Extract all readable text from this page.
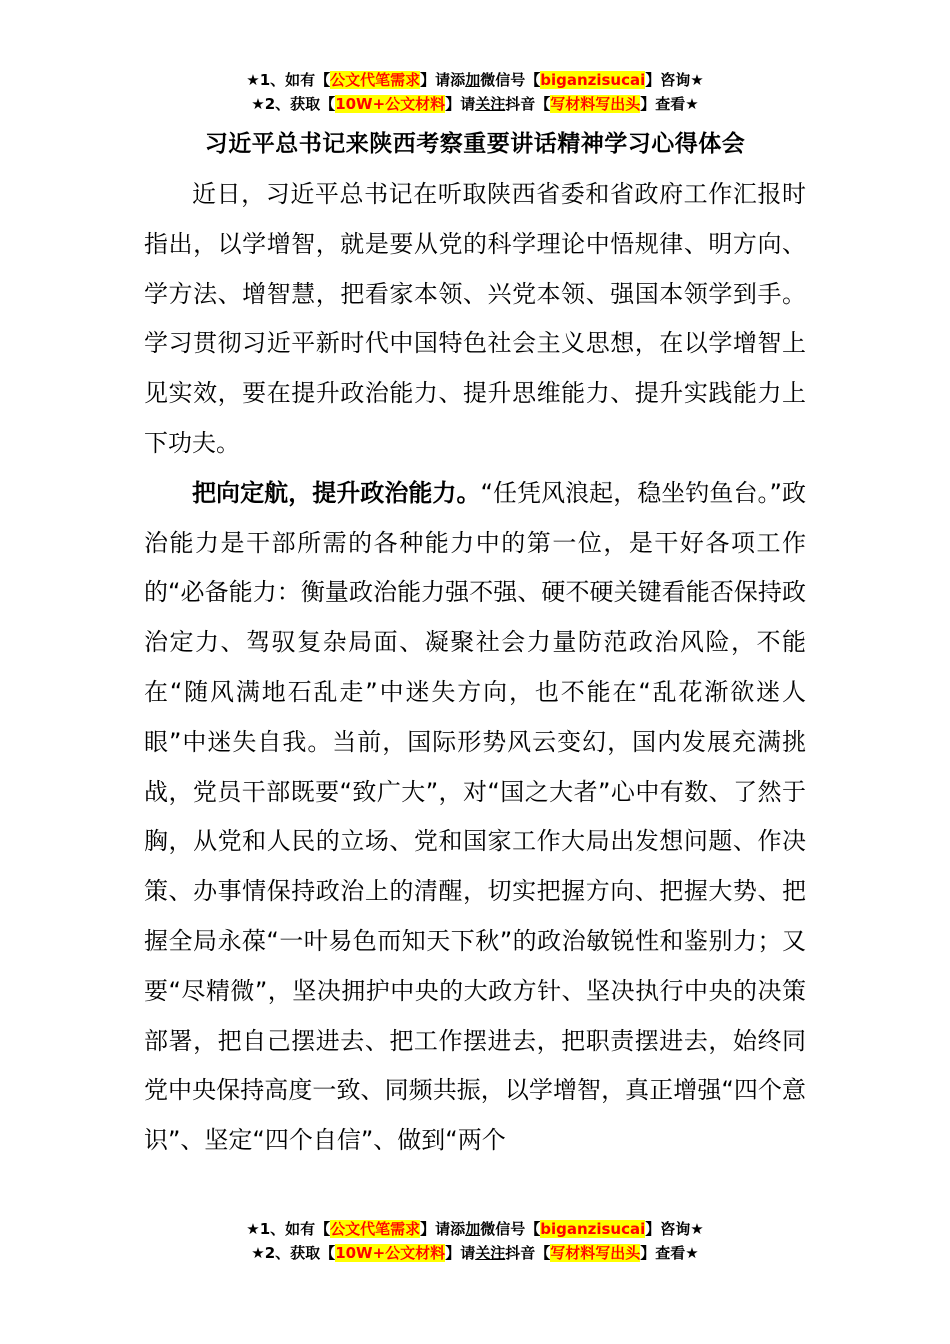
★1、如有【公文代笔需求】请添加微信号【biganzisucai】咨询★
★2、获取【10W+公文材料】请关注抖音【写材料写出头】查看★
习近平总书记来陕西考察重要讲话精神学习心得体会

近日，习近平总书记在听取陕西省委和省政府工作汇报时指出，以学增智，就是要从党的科学理论中悟规律、明方向、学方法、增智慧，把看家本领、兴党本领、强国本领学到手。学习贯彻习近平新时代中国特色社会主义思想，在以学增智上见实效，要在提升政治能力、提升思维能力、提升实践能力上下功夫。

把向定航，提升政治能力。“任凭风浪起，稳坐钓鱼台。”政治能力是干部所需的各种能力中的第一位，是干好各项工作的“必备能力：衡量政治能力强不强、硬不硬关键看能否保持政治定力、驾驭复杂局面、凝聚社会力量防范政治风险，不能在“随风满地石乱走”中迷失方向，也不能在“乱花渐欲迷人眼”中迷失自我。当前，国际形势风云变幻，国内发展充满挑战，党员干部既要“致广大”，对“国之大者”心中有数、了然于胸，从党和人民的立场、党和国家工作大局出发想问题、作决策、办事情保持政治上的清醒，切实把握方向、把握大势、把握全局永葆“一叶易色而知天下秋”的政治敏锐性和鉴别力；又要“尽精微”，坚决拥护中央的大政方针、坚决执行中央的决策部署，把自己摆进去、把工作摆进去，把职责摆进去，始终同党中央保持高度一致、同频共振，以学增智，真正增强“四个意识”、坚定“四个自信”、做到“两个

★1、如有【公文代笔需求】请添加微信号【biganzisucai】咨询★
★2、获取【10W+公文材料】请关注抖音【写材料写出头】查看★
